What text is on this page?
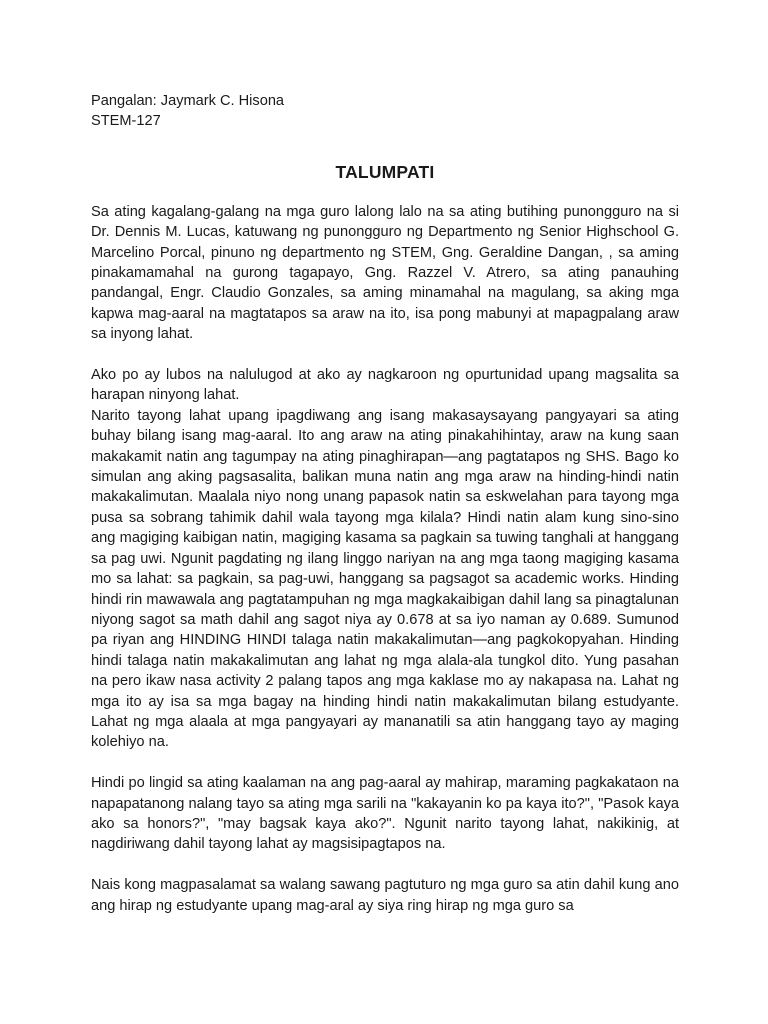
Pangalan: Jaymark C. Hisona

STEM-127

TALUMPATI

Sa ating kagalang-galang na mga guro lalong lalo na sa ating butihing punongguro na si Dr. Dennis M. Lucas, katuwang ng punongguro ng Departmento ng Senior Highschool G. Marcelino Porcal, pinuno ng departmento ng STEM, Gng. Geraldine Dangan, , sa aming pinakamamahal na gurong tagapayo, Gng. Razzel V. Atrero, sa ating panauhing pandangal, Engr. Claudio Gonzales, sa aming minamahal na magulang, sa aking mga kapwa mag-aaral na magtatapos sa araw na ito, isa pong mabunyi at mapagpalang araw sa inyong lahat.

Ako po ay lubos na nalulugod at ako ay nagkaroon ng opurtunidad upang magsalita sa harapan ninyong lahat.

Narito tayong lahat upang ipagdiwang ang isang makasaysayang pangyayari sa ating buhay bilang isang mag-aaral. Ito ang araw na ating pinakahihintay, araw na kung saan makakamit natin ang tagumpay na ating pinaghirapan—ang pagtatapos ng SHS. Bago ko simulan ang aking pagsasalita, balikan muna natin ang mga araw na hinding-hindi natin makakalimutan. Maalala niyo nong unang papasok natin sa eskwelahan para tayong mga pusa sa sobrang tahimik dahil wala tayong mga kilala? Hindi natin alam kung sino-sino ang magiging kaibigan natin, magiging kasama sa pagkain sa tuwing tanghali at hanggang sa pag uwi. Ngunit pagdating ng ilang linggo nariyan na ang mga taong magiging kasama mo sa lahat: sa pagkain, sa pag-uwi, hanggang sa pagsagot sa academic works. Hinding hindi rin mawawala ang pagtatampuhan ng mga magkakaibigan dahil lang sa pinagtalunan niyong sagot sa math dahil ang sagot niya ay 0.678 at sa iyo naman ay 0.689. Sumunod pa riyan ang HINDING HINDI talaga natin makakalimutan—ang pagkokopyahan. Hinding hindi talaga natin makakalimutan ang lahat ng mga alala-ala tungkol dito. Yung pasahan na pero ikaw nasa activity 2 palang tapos ang mga kaklase mo ay nakapasa na. Lahat ng mga ito ay isa sa mga bagay na hinding hindi natin makakalimutan bilang estudyante. Lahat ng mga alaala at mga pangyayari ay mananatili sa atin hanggang tayo ay maging kolehiyo na.

Hindi po lingid sa ating kaalaman na ang pag-aaral ay mahirap, maraming pagkakataon na napapatanong nalang tayo sa ating mga sarili na "kakayanin ko pa kaya ito?", "Pasok kaya ako sa honors?", "may bagsak kaya ako?". Ngunit narito tayong lahat, nakikinig, at nagdiriwang dahil tayong lahat ay magsisipagtapos na.

Nais kong magpasalamat sa walang sawang pagtuturo ng mga guro sa atin dahil kung ano ang hirap ng estudyante upang mag-aral ay siya ring hirap ng mga guro sa
